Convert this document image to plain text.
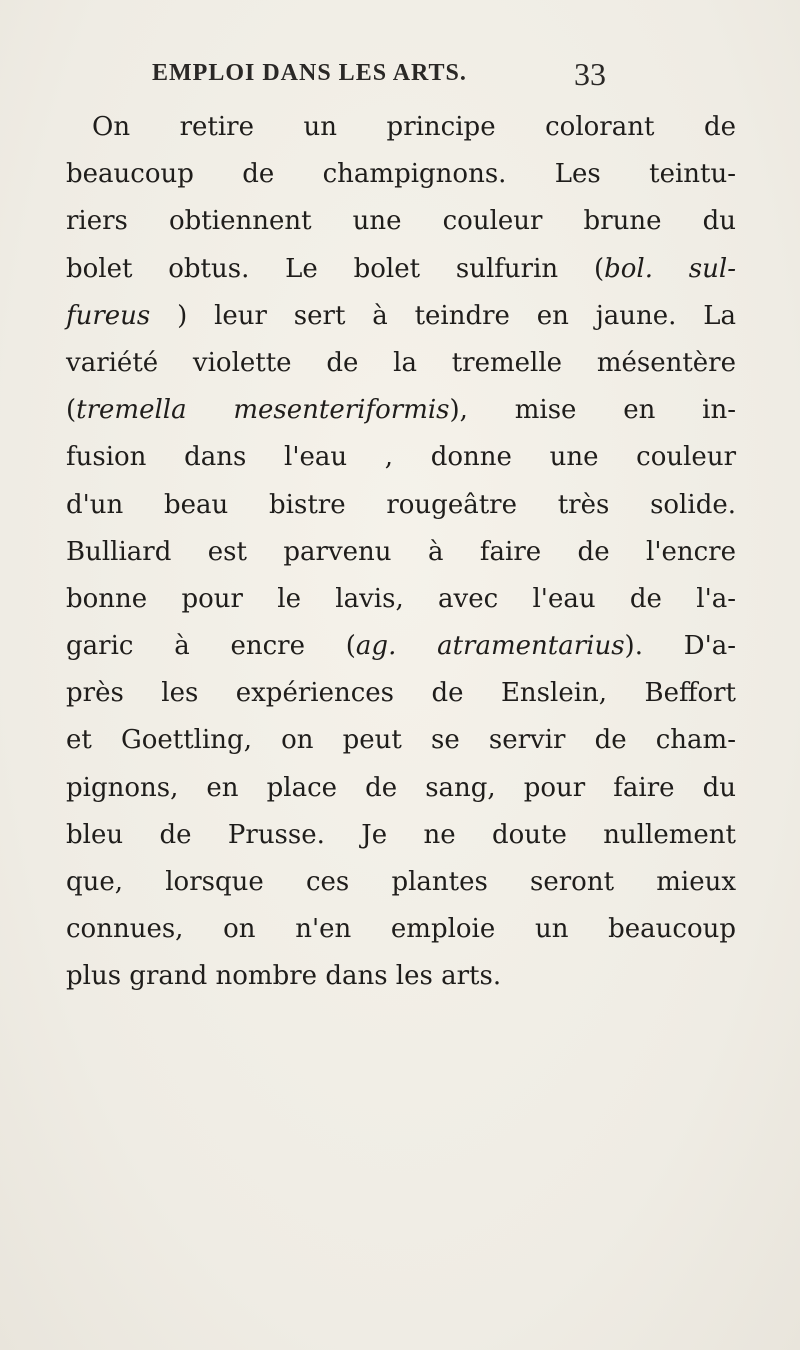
EMPLOI DANS LES ARTS.	33
On retire un principe colorant de
beaucoup de champignons. Les teintu-
riers obtiennent une couleur brune du
bolet obtus. Le bolet sulfurin (bol. sul-
fureus ) leur sert à teindre en jaune. La
variété violette de la tremelle mésentère
(tremella mesenteriformis), mise en in-
fusion dans l'eau , donne une couleur
d'un beau bistre rougeâtre très solide.
Bulliard est parvenu à faire de l'encre
bonne pour le lavis, avec l'eau de l'a-
garic à encre (ag. atramentarius). D'a-
près les expériences de Enslein, Beffort
et Goettling, on peut se servir de cham-
pignons, en place de sang, pour faire du
bleu de Prusse. Je ne doute nullement
que, lorsque ces plantes seront mieux
connues, on n'en emploie un beaucoup
plus grand nombre dans les arts.
